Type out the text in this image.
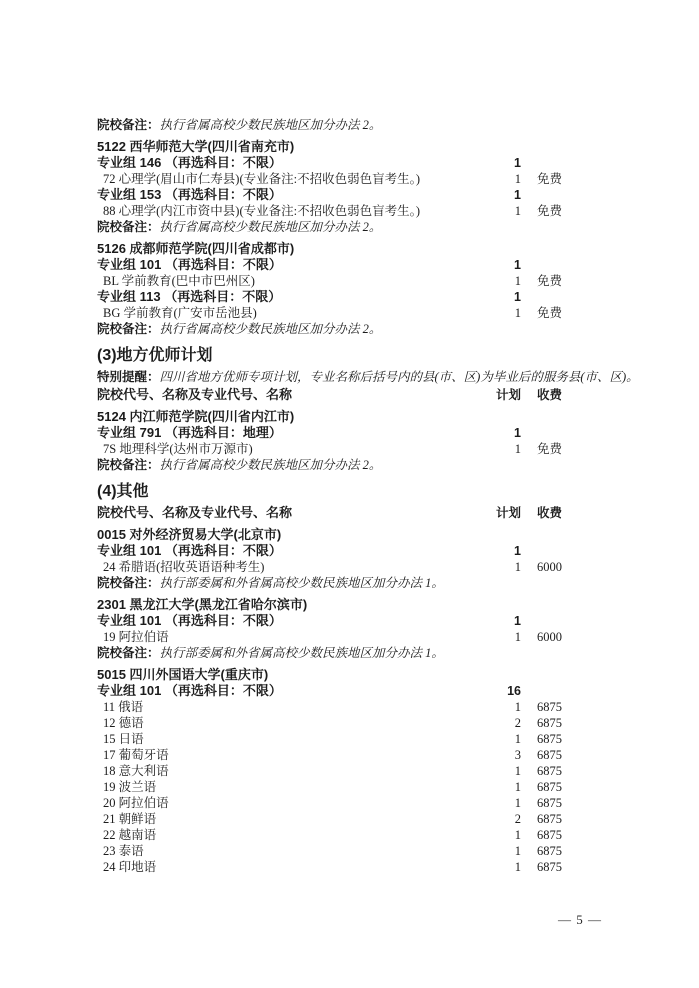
院校备注：执行省属高校少数民族地区加分办法 2。
5122 西华师范大学(四川省南充市)
专业组 146 （再选科目：不限）	1
72 心理学(眉山市仁寿县)(专业备注:不招收色弱色盲考生。)	1	免费
专业组 153 （再选科目：不限）	1
88 心理学(内江市资中县)(专业备注:不招收色弱色盲考生。)	1	免费
院校备注：执行省属高校少数民族地区加分办法 2。
5126 成都师范学院(四川省成都市)
专业组 101 （再选科目：不限）	1
BL 学前教育(巴中市巴州区)	1	免费
专业组 113 （再选科目：不限）	1
BG 学前教育(广安市岳池县)	1	免费
院校备注：执行省属高校少数民族地区加分办法 2。
(3)地方优师计划
特别提醒：四川省地方优师专项计划，专业名称后括号内的县(市、区)为毕业后的服务县(市、区)。
院校代号、名称及专业代号、名称	计划	收费
5124 内江师范学院(四川省内江市)
专业组 791 （再选科目：地理）	1
7S 地理科学(达州市万源市)	1	免费
院校备注：执行省属高校少数民族地区加分办法 2。
(4)其他
院校代号、名称及专业代号、名称	计划	收费
0015 对外经济贸易大学(北京市)
专业组 101 （再选科目：不限）	1
24 希腊语(招收英语语种考生)	1	6000
院校备注：执行部委属和外省属高校少数民族地区加分办法 1。
2301 黑龙江大学(黑龙江省哈尔滨市)
专业组 101 （再选科目：不限）	1
19 阿拉伯语	1	6000
院校备注：执行部委属和外省属高校少数民族地区加分办法 1。
5015 四川外国语大学(重庆市)
专业组 101 （再选科目：不限）	16
11 俄语	1	6875
12 德语	2	6875
15 日语	1	6875
17 葡萄牙语	3	6875
18 意大利语	1	6875
19 波兰语	1	6875
20 阿拉伯语	1	6875
21 朝鲜语	2	6875
22 越南语	1	6875
23 泰语	1	6875
24 印地语	1	6875
— 5 —
